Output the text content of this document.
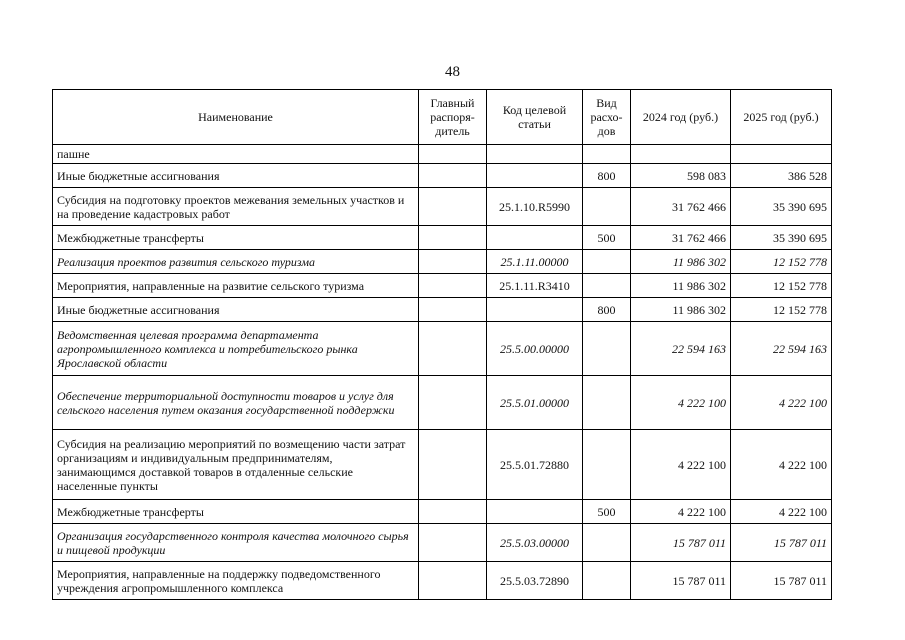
48
Наименование	Главный распоря-дитель	Код целевой статьи	Вид расхо-дов	2024 год (руб.)	2025 год (руб.)
пашне					
Иные бюджетные ассигнования			800	598 083	386 528
Субсидия на подготовку проектов межевания земельных участков и на проведение кадастровых работ		25.1.10.R5990		31 762 466	35 390 695
Межбюджетные трансферты			500	31 762 466	35 390 695
Реализация проектов развития сельского туризма		25.1.11.00000		11 986 302	12 152 778
Мероприятия, направленные на развитие сельского туризма		25.1.11.R3410		11 986 302	12 152 778
Иные бюджетные ассигнования			800	11 986 302	12 152 778
Ведомственная целевая программа департамента агропромышленного комплекса и потребительского рынка Ярославской области		25.5.00.00000		22 594 163	22 594 163
Обеспечение территориальной доступности товаров и услуг для сельского населения путем оказания государственной поддержки		25.5.01.00000		4 222 100	4 222 100
Субсидия на реализацию мероприятий по возмещению части затрат организациям и индивидуальным предпринимателям, занимающимся доставкой товаров в отдаленные сельские населенные пункты		25.5.01.72880		4 222 100	4 222 100
Межбюджетные трансферты			500	4 222 100	4 222 100
Организация государственного контроля качества молочного сырья и пищевой продукции		25.5.03.00000		15 787 011	15 787 011
Мероприятия, направленные на поддержку подведомственного учреждения агропромышленного комплекса		25.5.03.72890		15 787 011	15 787 011
